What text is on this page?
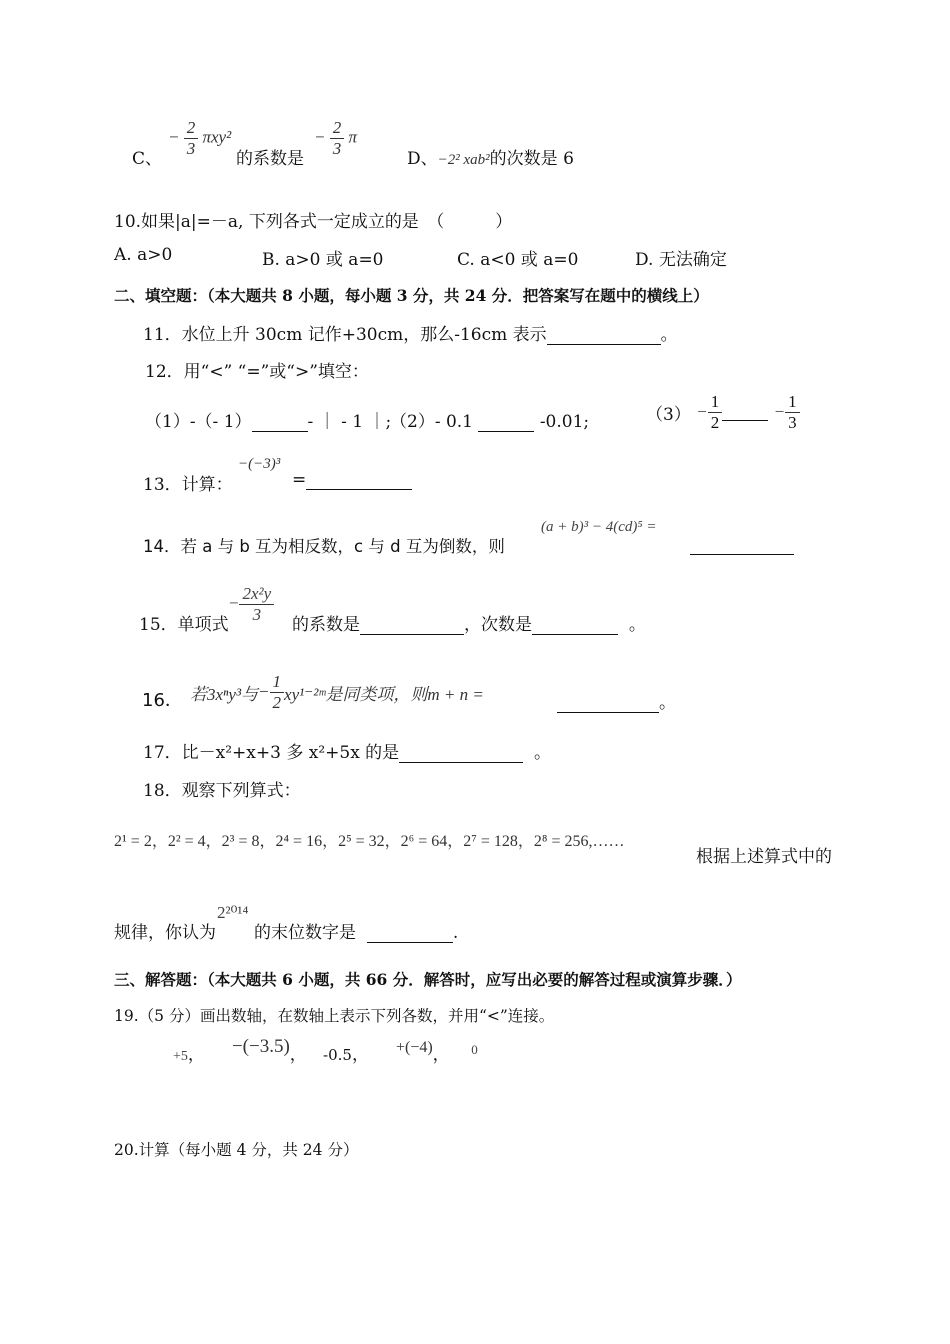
C、
− $\frac{2}{3} \pi xy^2$
的系数是
− $\frac{2}{3}$ π
D、−2² xab²的次数是 6
10.如果|a|=－a, 下列各式一定成立的是　（　　　）
A. a>0	B. a>0 或 a=0	C. a<0 或 a=0	D. 无法确定
二、填空题：（本大题共 8 小题，每小题 3 分，共 24 分．把答案写在题中的横线上）
11．水位上升 30cm 记作+30cm，那么-16cm 表示	。
12．用“<” “=”或“>”填空：
（1）-（- 1）	- ｜ - 1 ｜;
（2）- 0.1	-0.01;	$(3) - \frac{1}{2}$	− $\frac{1}{3}$
13．计算：
−(−3)³
=
14．若 a 与 b 互为相反数，c 与 d 互为倒数，则
(a + b)³ − 4(cd)⁵ =
15．单项式
− $\frac{\text{2x²y}}{3}$ 的系数是	，次数是	。
16． 若3xⁿy³与− $\frac{1}{2}$ xy¹⁻²ᵐ是同类项，则m + n =	。
17．比－x²+x+3 多 x²+5x 的是	。
18．观察下列算式：
2¹ = 2，2² = 4，2³ = 8，2⁴ = 16，2⁵ = 32，2⁶ = 64，2⁷ = 128，2⁸ = 256,……
根据上述算式中的
规律，你认为
2²⁰¹⁴
的末位数字是	.
三、解答题：（本大题共 6 小题，共 66 分．解答时，应写出必要的解答过程或演算步骤．）
19.（5 分）画出数轴，在数轴上表示下列各数，并用“<”连接。
+5， −(−3.5)， -0.5， +(−4)， $^0$
20.计算（每小题 4 分，共 24 分）
